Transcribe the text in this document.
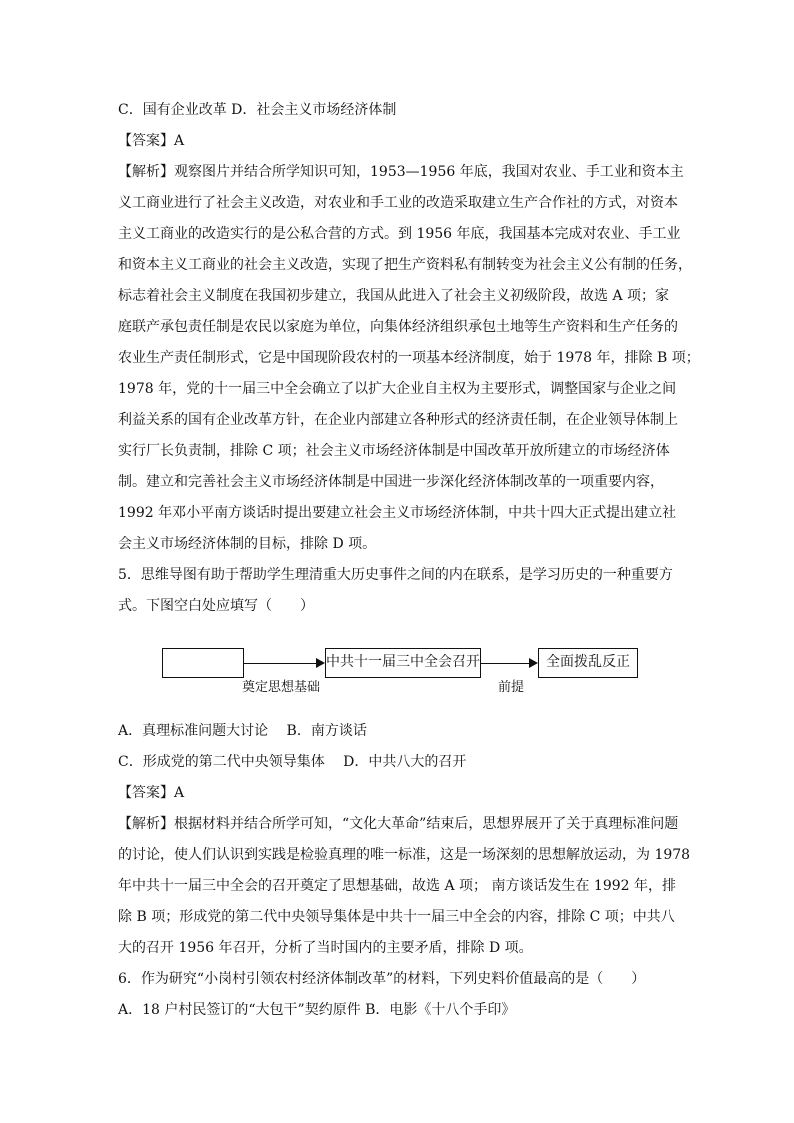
C．国有企业改革 D．社会主义市场经济体制
【答案】A
【解析】观察图片并结合所学知识可知，1953—1956 年底，我国对农业、手工业和资本主
义工商业进行了社会主义改造，对农业和手工业的改造采取建立生产合作社的方式，对资本
主义工商业的改造实行的是公私合营的方式。到 1956 年底，我国基本完成对农业、手工业
和资本主义工商业的社会主义改造，实现了把生产资料私有制转变为社会主义公有制的任务，
标志着社会主义制度在我国初步建立，我国从此进入了社会主义初级阶段，故选 A 项；家
庭联产承包责任制是农民以家庭为单位，向集体经济组织承包土地等生产资料和生产任务的
农业生产责任制形式，它是中国现阶段农村的一项基本经济制度，始于 1978 年，排除 B 项；
1978 年，党的十一届三中全会确立了以扩大企业自主权为主要形式，调整国家与企业之间
利益关系的国有企业改革方针，在企业内部建立各种形式的经济责任制，在企业领导体制上
实行厂长负责制，排除 C 项；社会主义市场经济体制是中国改革开放所建立的市场经济体
制。建立和完善社会主义市场经济体制是中国进一步深化经济体制改革的一项重要内容，
1992 年邓小平南方谈话时提出要建立社会主义市场经济体制，中共十四大正式提出建立社
会主义市场经济体制的目标，排除 D 项。
5．思维导图有助于帮助学生理清重大历史事件之间的内在联系，是学习历史的一种重要方
式。下图空白处应填写（　　）
奠定思想基础
中共十一届三中全会召开
前提
全面拨乱反正
A．真理标准问题大讨论　 B．南方谈话
C．形成党的第二代中央领导集体　 D．中共八大的召开
【答案】A
【解析】根据材料并结合所学可知，“文化大革命”结束后，思想界展开了关于真理标准问题
的讨论，使人们认识到实践是检验真理的唯一标准，这是一场深刻的思想解放运动，为 1978
年中共十一届三中全会的召开奠定了思想基础，故选 A 项； 南方谈话发生在 1992 年，排
除 B 项；形成党的第二代中央领导集体是中共十一届三中全会的内容，排除 C 项；中共八
大的召开 1956 年召开，分析了当时国内的主要矛盾，排除 D 项。
6．作为研究“小岗村引领农村经济体制改革”的材料，下列史料价值最高的是（　　）
A．18 户村民签订的“大包干”契约原件 B．电影《十八个手印》
